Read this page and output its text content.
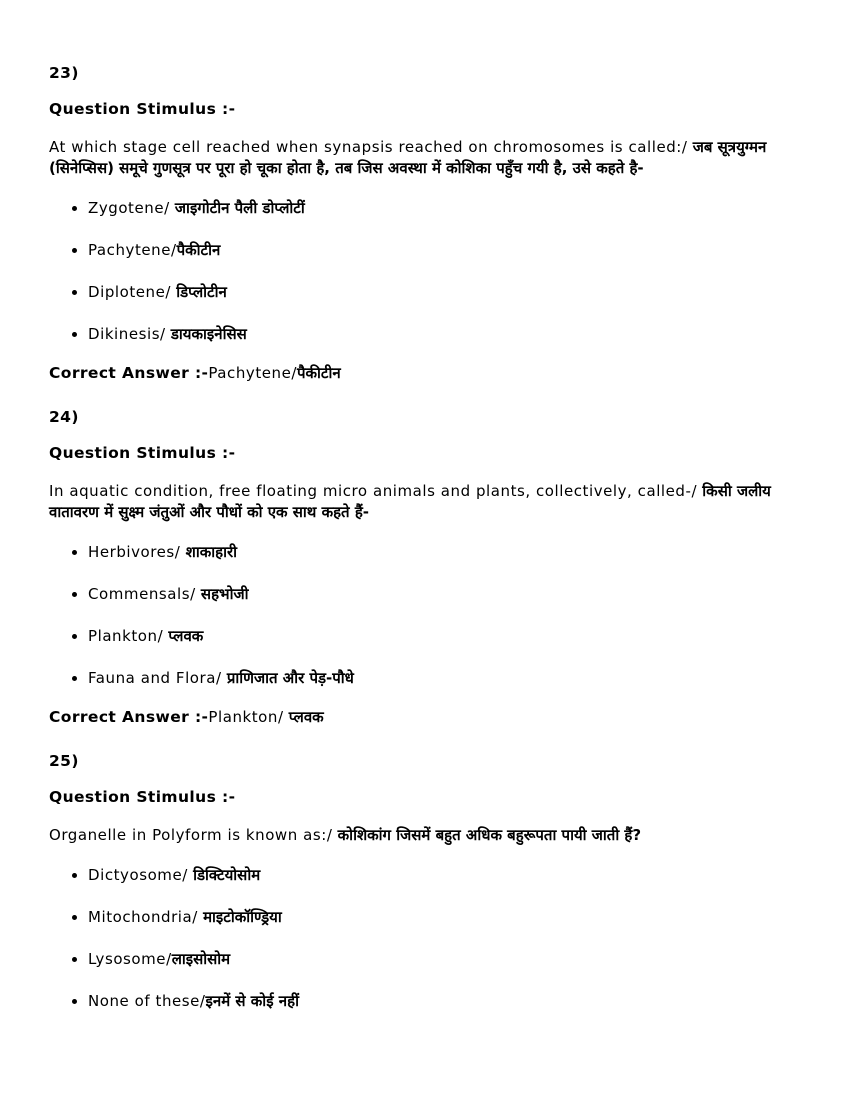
23)
Question Stimulus :-

At which stage cell reached when synapsis reached on chromosomes is called:/ जब सूत्रयुग्मन (सिनेप्सिस) समूचे गुणसूत्र पर पूरा हो चूका होता है, तब जिस अवस्था में कोशिका पहुँच गयी है, उसे कहते है-

• Zygotene/ जाइगोटीन पैली डोप्लोटीं
• Pachytene/पैकीटीन
• Diplotene/ डिप्लोटीन
• Dikinesis/ डायकाइनेसिस

Correct Answer :-Pachytene/पैकीटीन

24)
Question Stimulus :-

In aquatic condition, free floating micro animals and plants, collectively, called-/ किसी जलीय वातावरण में सुक्ष्म जंतुओं और पौधों को एक साथ कहते हैं-

• Herbivores/ शाकाहारी
• Commensals/ सहभोजी
• Plankton/ प्लवक
• Fauna and Flora/ प्राणिजात और पेड़-पौधे

Correct Answer :-Plankton/ प्लवक

25)
Question Stimulus :-

Organelle in Polyform is known as:/ कोशिकांग जिसमें बहुत अधिक बहुरूपता पायी जाती हैं?

• Dictyosome/ डिक्टियोसोम
• Mitochondria/ माइटोकॉण्ड्रिया
• Lysosome/लाइसोसोम
• None of these/इनमें से कोई नहीं
